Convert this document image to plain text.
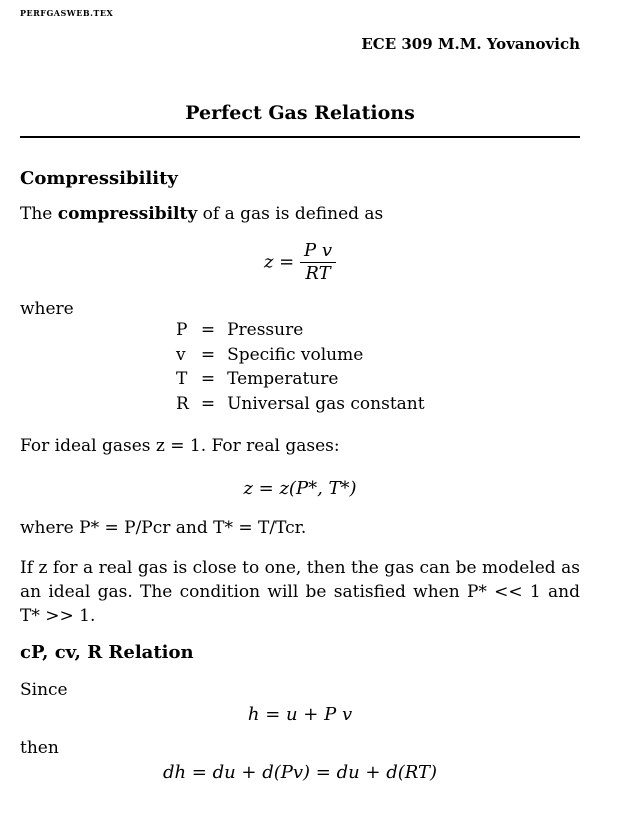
PERFGASWEB.TEX
ECE 309 M.M. Yovanovich
Perfect Gas Relations
Compressibility
The compressibilty of a gas is defined as
$z = \frac{\text{P v}}{RT}$
where
P	=	Pressure
v	=	Specific volume
T	=	Temperature
R	=	Universal gas constant
For ideal gases z = 1. For real gases:
z = z(P*, T*)
where P* = P/Pcr and T* = T/Tcr.
If z for a real gas is close to one, then the gas can be modeled as an ideal gas. The condition will be satisfied when P* << 1 and T* >> 1.
cP, cv, R Relation
Since
h = u + P v
then
dh = du + d(Pv) = du + d(RT)
